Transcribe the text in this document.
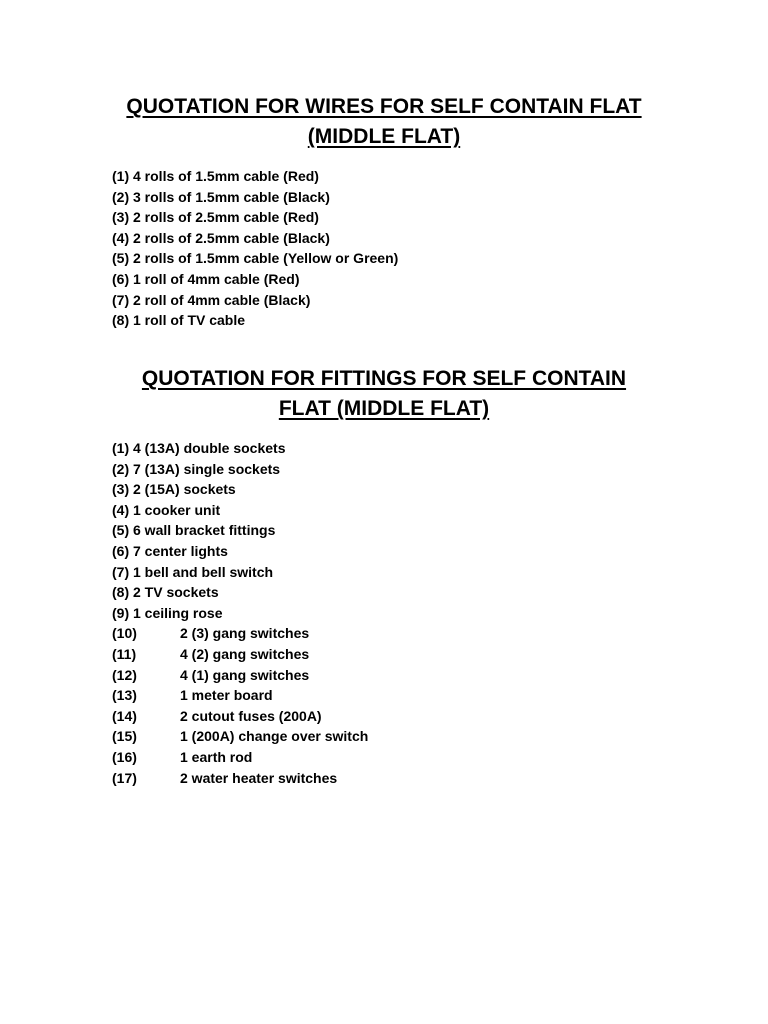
QUOTATION FOR WIRES FOR SELF CONTAIN FLAT
(MIDDLE FLAT)
(1) 4 rolls of 1.5mm cable (Red)
(2) 3 rolls of 1.5mm cable (Black)
(3) 2 rolls of 2.5mm cable (Red)
(4) 2 rolls of 2.5mm cable (Black)
(5) 2 rolls of 1.5mm cable (Yellow or Green)
(6) 1 roll of 4mm cable (Red)
(7) 2 roll of 4mm cable (Black)
(8) 1 roll of TV cable
QUOTATION FOR FITTINGS FOR SELF CONTAIN
FLAT (MIDDLE FLAT)
(1) 4 (13A) double sockets
(2) 7 (13A) single sockets
(3) 2 (15A) sockets
(4) 1 cooker unit
(5) 6 wall bracket fittings
(6) 7 center lights
(7) 1 bell and bell switch
(8) 2 TV sockets
(9) 1 ceiling rose
(10)	2 (3) gang switches
(11)	4 (2) gang switches
(12)	4 (1) gang switches
(13)	1 meter board
(14)	2 cutout fuses (200A)
(15)	1 (200A) change over switch
(16)	1 earth rod
(17)	2 water heater switches
